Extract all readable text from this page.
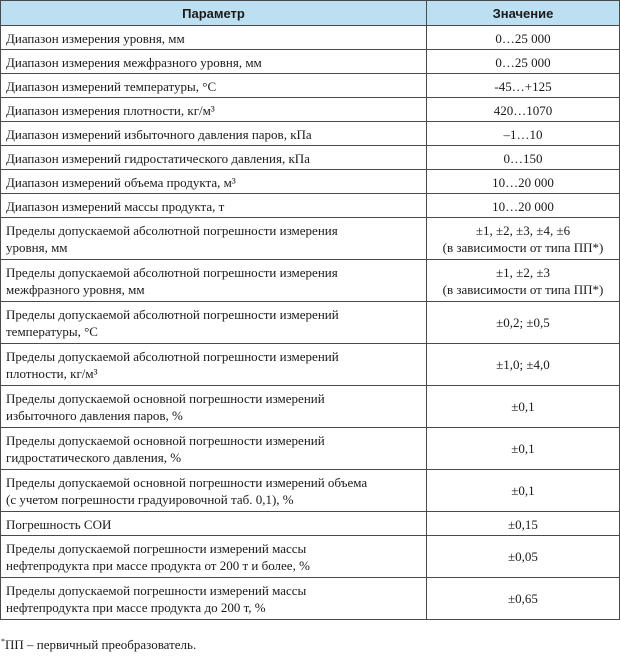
Параметр	Значение

Диапазон измерения уровня, мм	0…25 000

Диапазон измерения межфразного уровня, мм	0…25 000

Диапазон измерений температуры, °С	-45…+125

Диапазон измерения плотности, кг/м³	420…1070

Диапазон измерений избыточного давления паров, кПа	–1…10

Диапазон измерений гидростатического давления, кПа	0…150

Диапазон измерений объема продукта, м³	10…20 000

Диапазон измерений массы продукта, т	10…20 000

Пределы допускаемой абсолютной погрешности измерения
уровня, мм	±1, ±2, ±3, ±4, ±6
(в зависимости от типа ПП*)

Пределы допускаемой абсолютной погрешности измерения
межфразного уровня, мм	±1, ±2, ±3
(в зависимости от типа ПП*)

Пределы допускаемой абсолютной погрешности измерений
температуры, °С	±0,2; ±0,5

Пределы допускаемой абсолютной погрешности измерений
плотности, кг/м³	±1,0; ±4,0

Пределы допускаемой основной погрешности измерений
избыточного давления паров, %	±0,1

Пределы допускаемой основной погрешности измерений
гидростатического давления, %	±0,1

Пределы допускаемой основной погрешности измерений объема
(с учетом погрешности градуировочной таб. 0,1), %	±0,1

Погрешность СОИ	±0,15

Пределы допускаемой погрешности измерений массы
нефтепродукта при массе продукта от 200 т и более, %	±0,05

Пределы допускаемой погрешности измерений массы
нефтепродукта при массе продукта до 200 т, %	±0,65
*ПП – первичный преобразователь.
